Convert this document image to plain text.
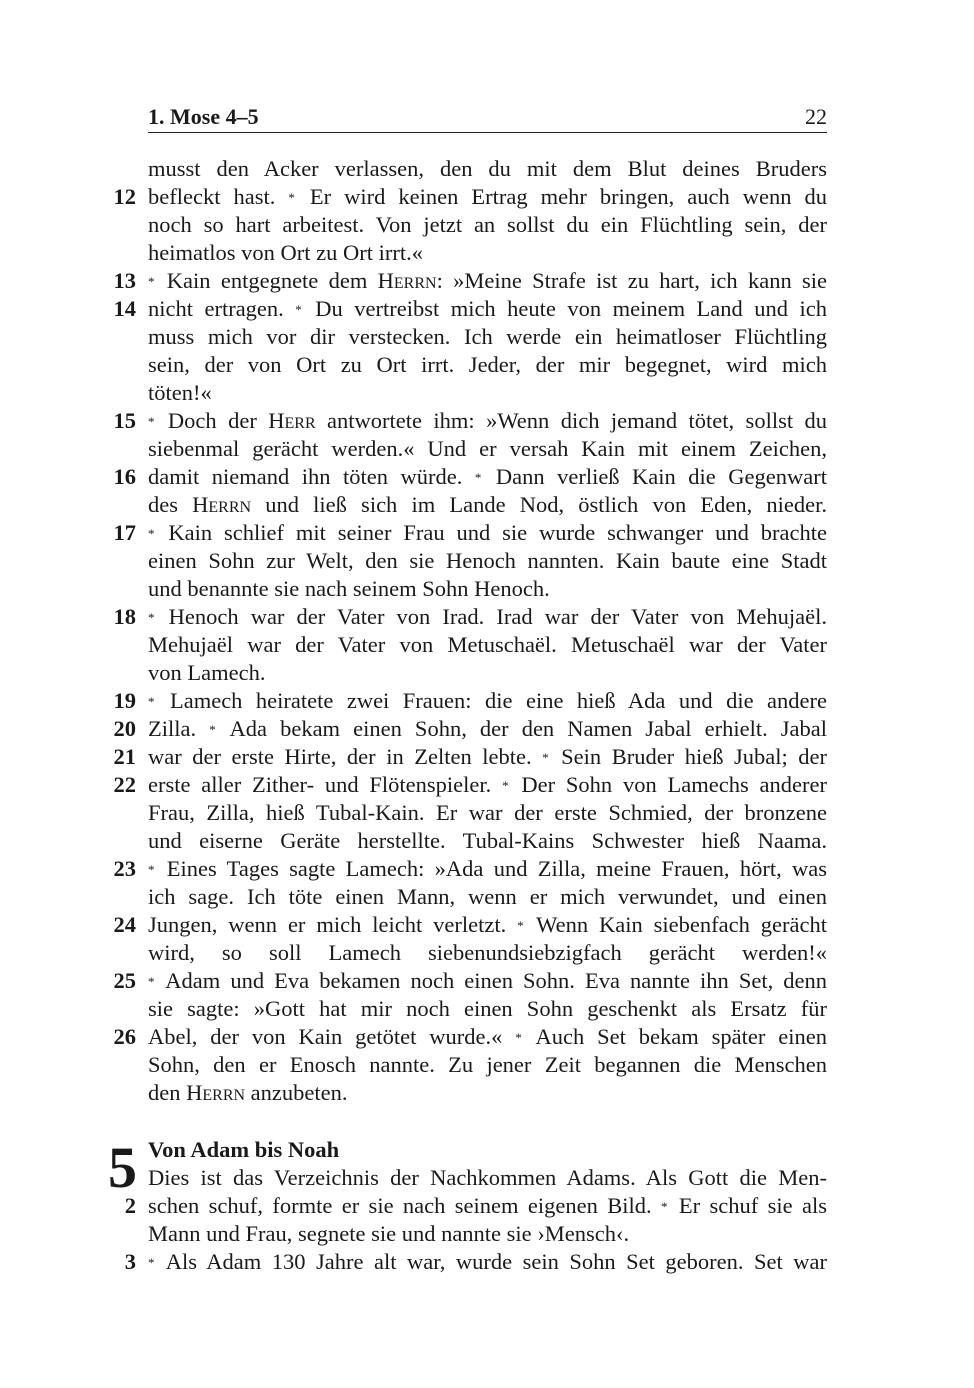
1. Mose 4–5	22
musst den Acker verlassen, den du mit dem Blut deines Bruders
befleckt hast. * Er wird keinen Ertrag mehr bringen, auch wenn du
12
noch so hart arbeitest. Von jetzt an sollst du ein Flüchtling sein, der
heimatlos von Ort zu Ort irrt.«
* Kain entgegnete dem Herrn: »Meine Strafe ist zu hart, ich kann sie
13
nicht ertragen. * Du vertreibst mich heute von meinem Land und ich
14
muss mich vor dir verstecken. Ich werde ein heimatloser Flüchtling
sein, der von Ort zu Ort irrt. Jeder, der mir begegnet, wird mich
töten!«
* Doch der Herr antwortete ihm: »Wenn dich jemand tötet, sollst du
15
siebenmal gerächt werden.« Und er versah Kain mit einem Zeichen,
damit niemand ihn töten würde. * Dann verließ Kain die Gegenwart
16
des Herrn und ließ sich im Lande Nod, östlich von Eden, nieder.
* Kain schlief mit seiner Frau und sie wurde schwanger und brachte
17
einen Sohn zur Welt, den sie Henoch nannten. Kain baute eine Stadt
und benannte sie nach seinem Sohn Henoch.
* Henoch war der Vater von Irad. Irad war der Vater von Mehujaël.
18
Mehujaël war der Vater von Metuschaël. Metuschaël war der Vater
von Lamech.
* Lamech heiratete zwei Frauen: die eine hieß Ada und die andere
19
Zilla. * Ada bekam einen Sohn, der den Namen Jabal erhielt. Jabal
20
war der erste Hirte, der in Zelten lebte. * Sein Bruder hieß Jubal; der
21
erste aller Zither- und Flötenspieler. * Der Sohn von Lamechs anderer
22
Frau, Zilla, hieß Tubal-Kain. Er war der erste Schmied, der bronzene
und eiserne Geräte herstellte. Tubal-Kains Schwester hieß Naama.
* Eines Tages sagte Lamech: »Ada und Zilla, meine Frauen, hört, was
23
ich sage. Ich töte einen Mann, wenn er mich verwundet, und einen
Jungen, wenn er mich leicht verletzt. * Wenn Kain siebenfach gerächt
24
wird, so soll Lamech siebenundsiebzigfach gerächt werden!«
* Adam und Eva bekamen noch einen Sohn. Eva nannte ihn Set, denn
25
sie sagte: »Gott hat mir noch einen Sohn geschenkt als Ersatz für
Abel, der von Kain getötet wurde.« * Auch Set bekam später einen
26
Sohn, den er Enosch nannte. Zu jener Zeit begannen die Menschen
den Herrn anzubeten.
5 Von Adam bis Noah
Dies ist das Verzeichnis der Nachkommen Adams. Als Gott die Men-
schen schuf, formte er sie nach seinem eigenen Bild. * Er schuf sie als
2
Mann und Frau, segnete sie und nannte sie ›Mensch‹.
* Als Adam 130 Jahre alt war, wurde sein Sohn Set geboren. Set war
3
